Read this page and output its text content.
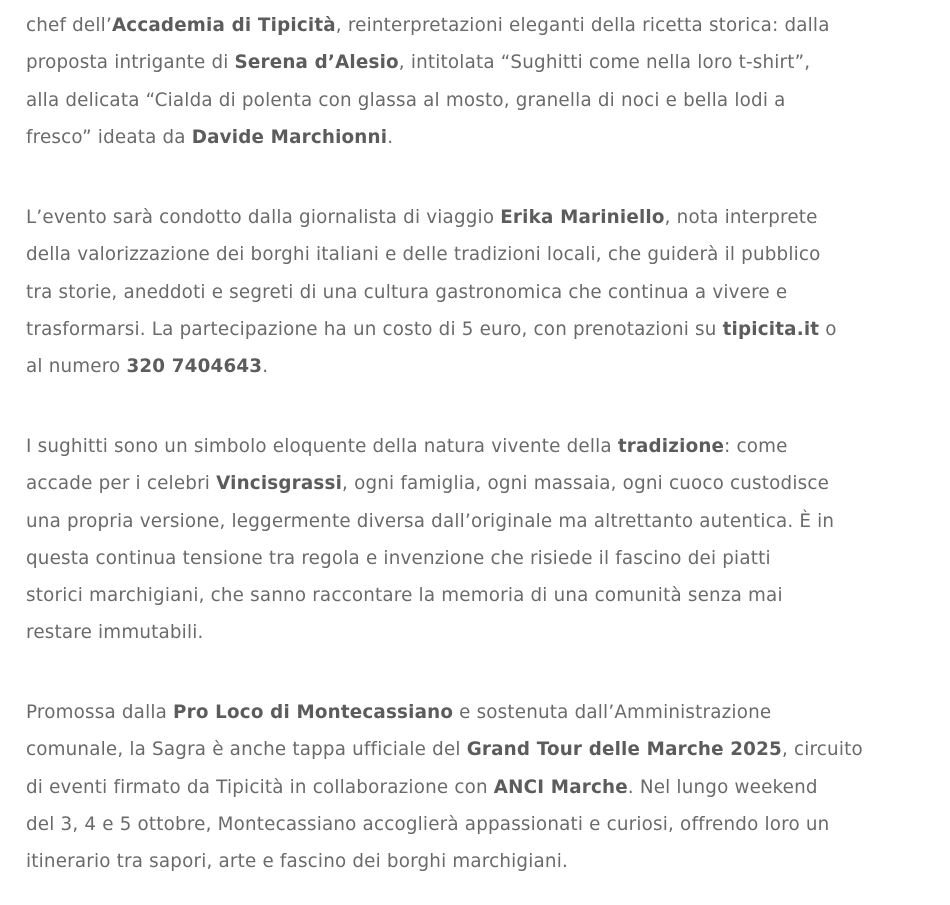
chef dell’Accademia di Tipicità, reinterpretazioni eleganti della ricetta storica: dalla
proposta intrigante di Serena d’Alesio, intitolata “Sughitti come nella loro t-shirt”,
alla delicata “Cialda di polenta con glassa al mosto, granella di noci e bella lodi a
fresco” ideata da Davide Marchionni.
L’evento sarà condotto dalla giornalista di viaggio Erika Mariniello, nota interprete
della valorizzazione dei borghi italiani e delle tradizioni locali, che guiderà il pubblico
tra storie, aneddoti e segreti di una cultura gastronomica che continua a vivere e
trasformarsi. La partecipazione ha un costo di 5 euro, con prenotazioni su tipicita.it o
al numero 320 7404643.
I sughitti sono un simbolo eloquente della natura vivente della tradizione: come
accade per i celebri Vincisgrassi, ogni famiglia, ogni massaia, ogni cuoco custodisce
una propria versione, leggermente diversa dall’originale ma altrettanto autentica. È in
questa continua tensione tra regola e invenzione che risiede il fascino dei piatti
storici marchigiani, che sanno raccontare la memoria di una comunità senza mai
restare immutabili.
Promossa dalla Pro Loco di Montecassiano e sostenuta dall’Amministrazione
comunale, la Sagra è anche tappa ufficiale del Grand Tour delle Marche 2025, circuito
di eventi firmato da Tipicità in collaborazione con ANCI Marche. Nel lungo weekend
del 3, 4 e 5 ottobre, Montecassiano accoglierà appassionati e curiosi, offrendo loro un
itinerario tra sapori, arte e fascino dei borghi marchigiani.
